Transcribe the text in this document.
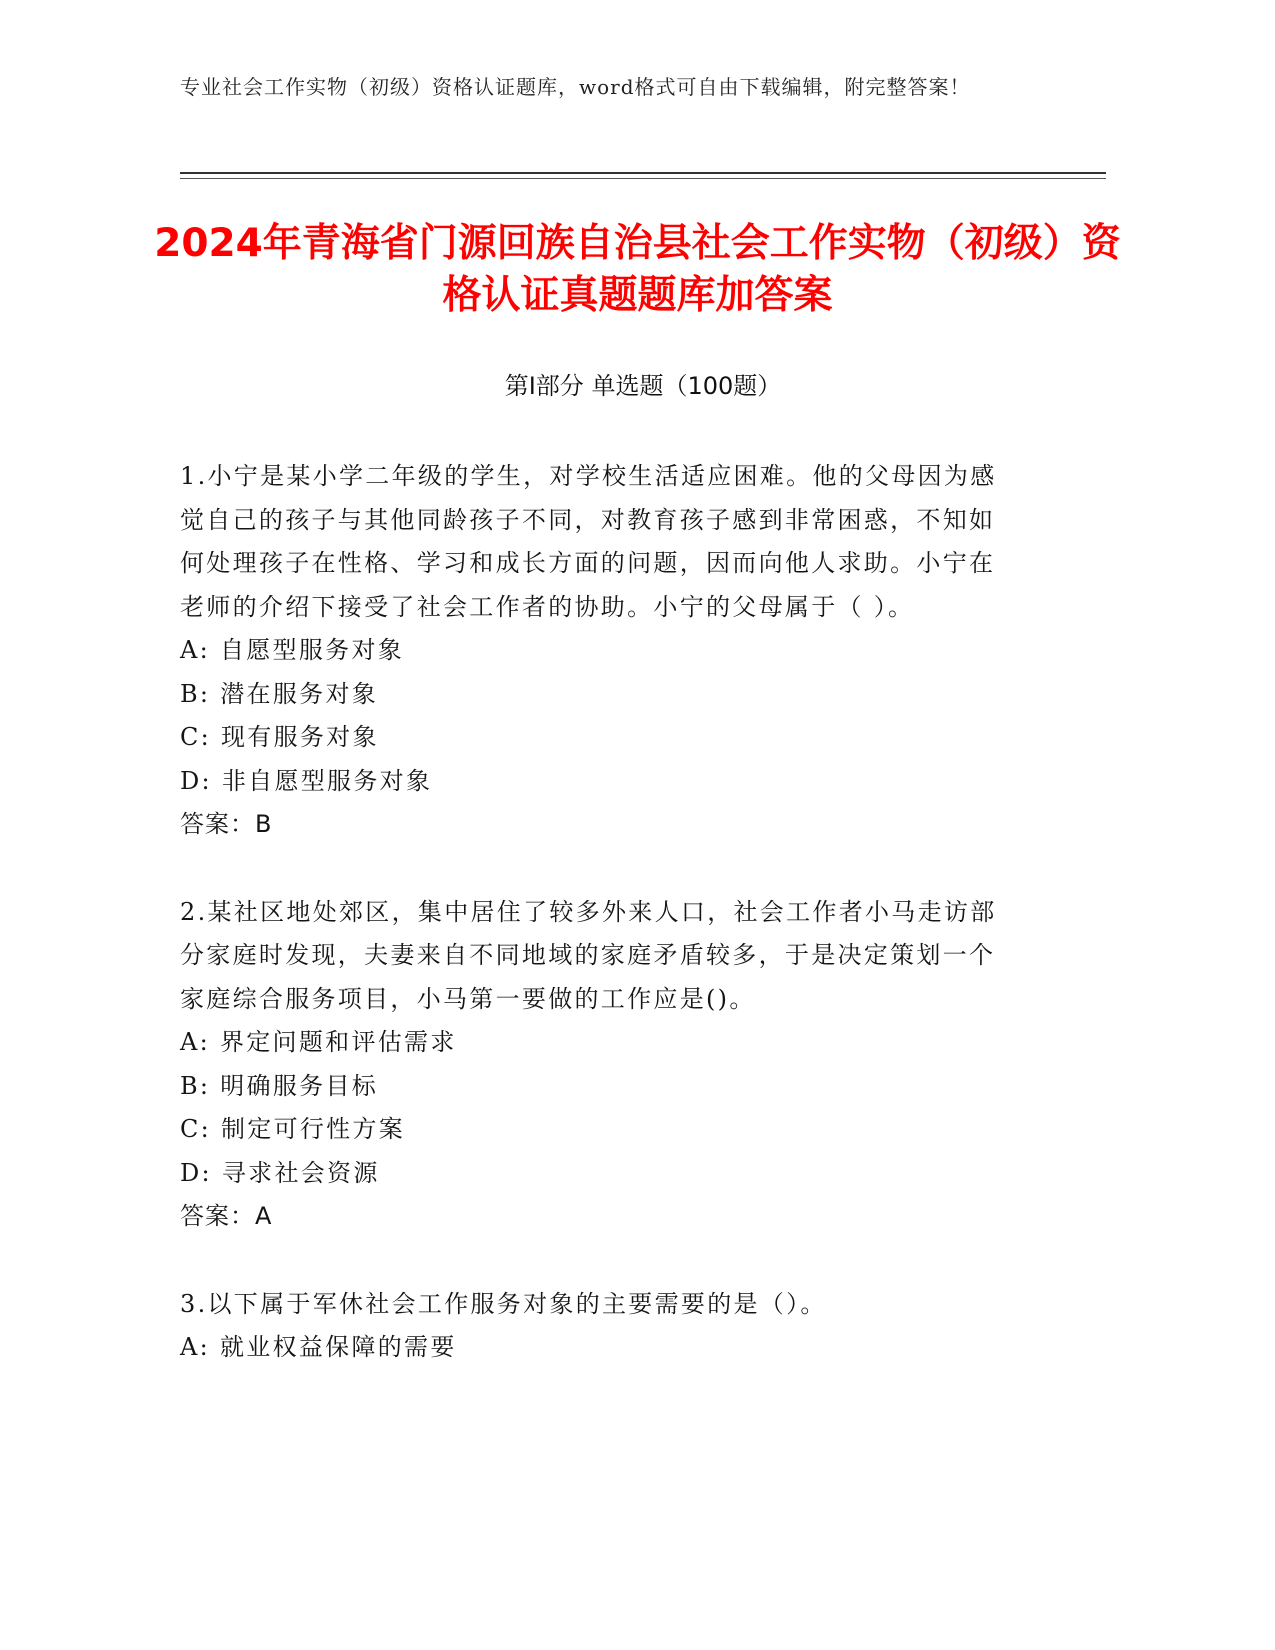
专业社会工作实物（初级）资格认证题库，word格式可自由下载编辑，附完整答案！
2024年青海省门源回族自治县社会工作实物（初级）资格认证真题题库加答案
第Ⅰ部分 单选题（100题）

1.小宁是某小学二年级的学生，对学校生活适应困难。他的父母因为感觉自己的孩子与其他同龄孩子不同，对教育孩子感到非常困惑，不知如何处理孩子在性格、学习和成长方面的问题，因而向他人求助。小宁在老师的介绍下接受了社会工作者的协助。小宁的父母属于（ ）。

A: 自愿型服务对象

B: 潜在服务对象

C: 现有服务对象

D: 非自愿型服务对象

答案：B

2.某社区地处郊区，集中居住了较多外来人口，社会工作者小马走访部分家庭时发现，夫妻来自不同地域的家庭矛盾较多，于是决定策划一个家庭综合服务项目，小马第一要做的工作应是()。

A: 界定问题和评估需求

B: 明确服务目标

C: 制定可行性方案

D: 寻求社会资源

答案：A

3.以下属于军休社会工作服务对象的主要需要的是（）。

A: 就业权益保障的需要
